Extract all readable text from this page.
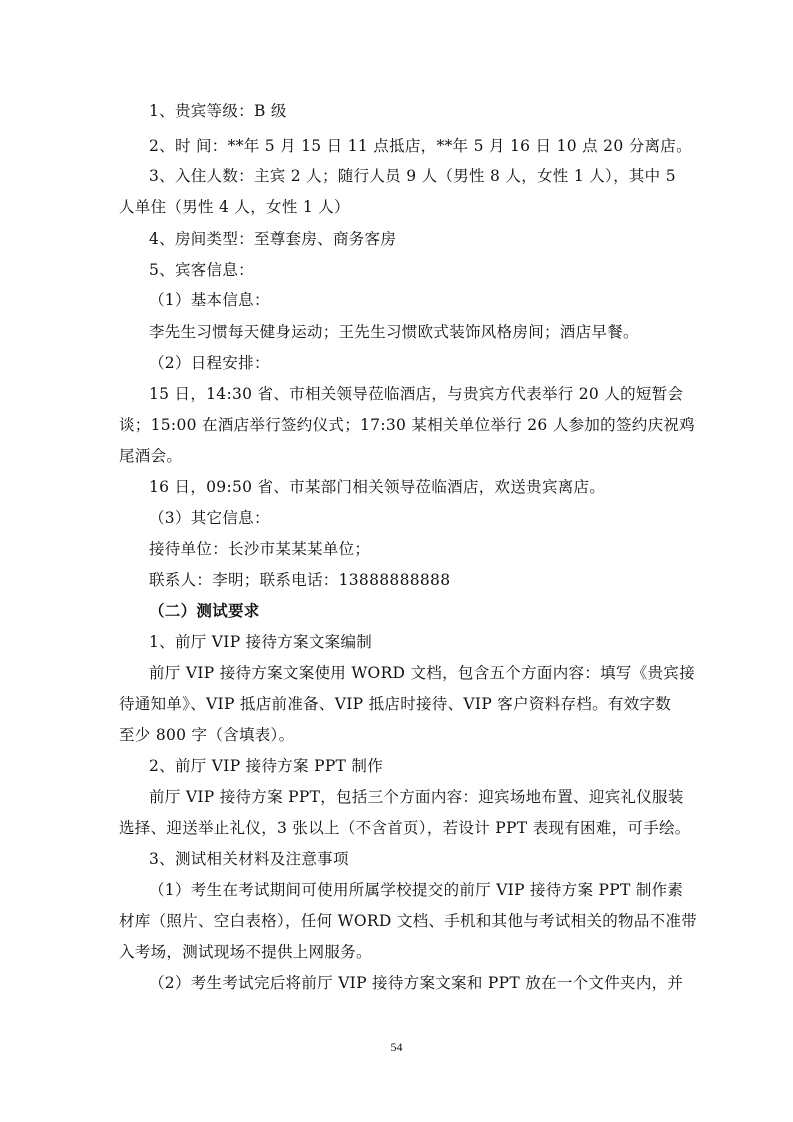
1、贵宾等级：B 级
2、时 间：**年 5 月 15 日 11 点抵店，**年 5 月 16 日 10 点 20 分离店。
3、入住人数：主宾 2 人；随行人员 9 人（男性 8 人，女性 1 人），其中 5
人单住（男性 4 人，女性 1 人）
4、房间类型：至尊套房、商务客房
5、宾客信息：
（1）基本信息：
李先生习惯每天健身运动；王先生习惯欧式装饰风格房间；酒店早餐。
（2）日程安排：
15 日，14:30 省、市相关领导莅临酒店，与贵宾方代表举行 20 人的短暂会
谈；15:00 在酒店举行签约仪式；17:30 某相关单位举行 26 人参加的签约庆祝鸡
尾酒会。
16 日，09:50 省、市某部门相关领导莅临酒店，欢送贵宾离店。
（3）其它信息：
接待单位：长沙市某某某单位；
联系人：李明；联系电话：13888888888
（二）测试要求
1、前厅 VIP 接待方案文案编制
前厅 VIP 接待方案文案使用 WORD 文档，包含五个方面内容：填写《贵宾接
待通知单》、VIP 抵店前准备、VIP 抵店时接待、VIP 客户资料存档。有效字数
至少 800 字（含填表）。
2、前厅 VIP 接待方案 PPT 制作
前厅 VIP 接待方案 PPT，包括三个方面内容：迎宾场地布置、迎宾礼仪服装
选择、迎送举止礼仪，3 张以上（不含首页），若设计 PPT 表现有困难，可手绘。
3、测试相关材料及注意事项
（1）考生在考试期间可使用所属学校提交的前厅 VIP 接待方案 PPT 制作素
材库（照片、空白表格），任何 WORD 文档、手机和其他与考试相关的物品不准带
入考场，测试现场不提供上网服务。
（2）考生考试完后将前厅 VIP 接待方案文案和 PPT 放在一个文件夹内，并
54
